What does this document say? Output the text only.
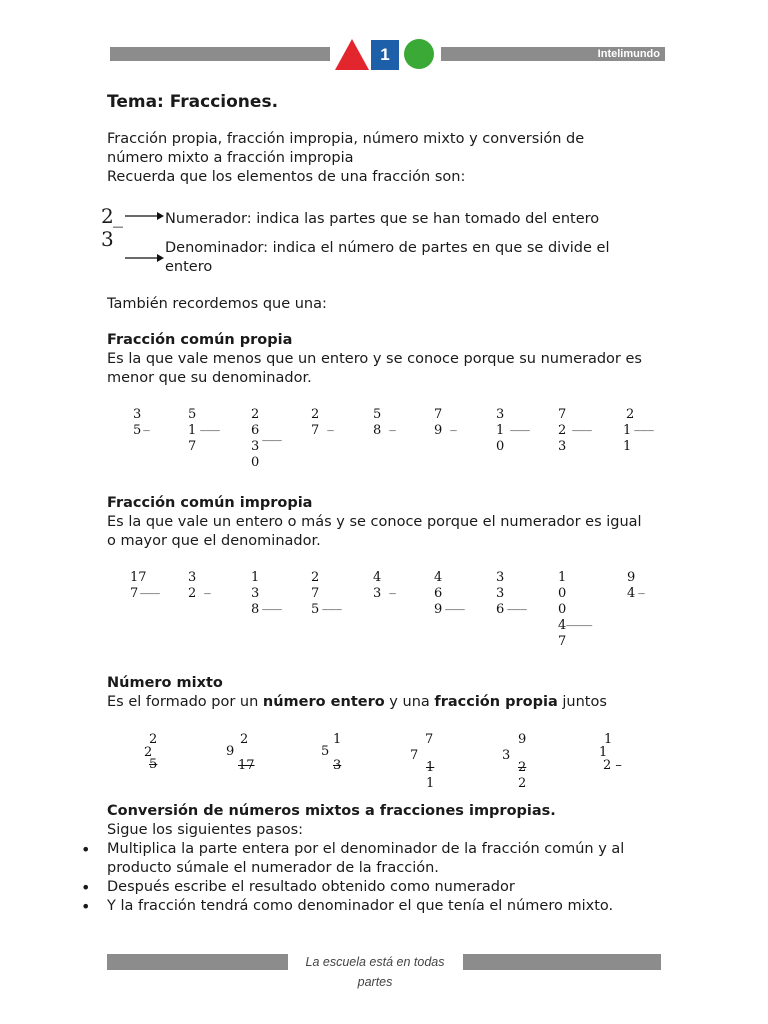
1	Intelimundo
Tema: Fracciones.
Fracción propia, fracción impropia, número mixto y conversión de
número mixto a fracción impropia
Recuerda que los elementos de una fracción son:
2 _
3
Numerador: indica las partes que se han tomado del entero
Denominador: indica el número de partes en que se divide el
entero
También recordemos que una:
Fracción común propia
Es la que vale menos que un entero y se conoce porque su numerador es
menor que su denominador.
3
5 _
5
1 ___
7
2
6 ___
3
0
2
7 _
5
8 _
7
9 _
3
1 ___
0
7
2 ___
3
2
1 ___
1
Fracción común impropia
Es la que vale un entero o más y se conoce porque el numerador es igual
o mayor que el denominador.
17
7 ___
3
2 _
1
3
8 ___
2
7
5 ___
4
3 _
4
6
9 ___
3
3
6 ___
1
0
0
4____
7
9
4 _
Número mixto
Es el formado por un número entero y una fracción propia juntos
2
2
5
2
9
17
1
5
3
7
7
1
1
9
3
2
2
1
1
2 –
Conversión de números mixtos a fracciones impropias.
Sigue los siguientes pasos:
• Multiplica la parte entera por el denominador de la fracción común y al
producto súmale el numerador de la fracción.
• Después escribe el resultado obtenido como numerador
• Y la fracción tendrá como denominador el que tenía el número mixto.
La escuela está en todas partes
